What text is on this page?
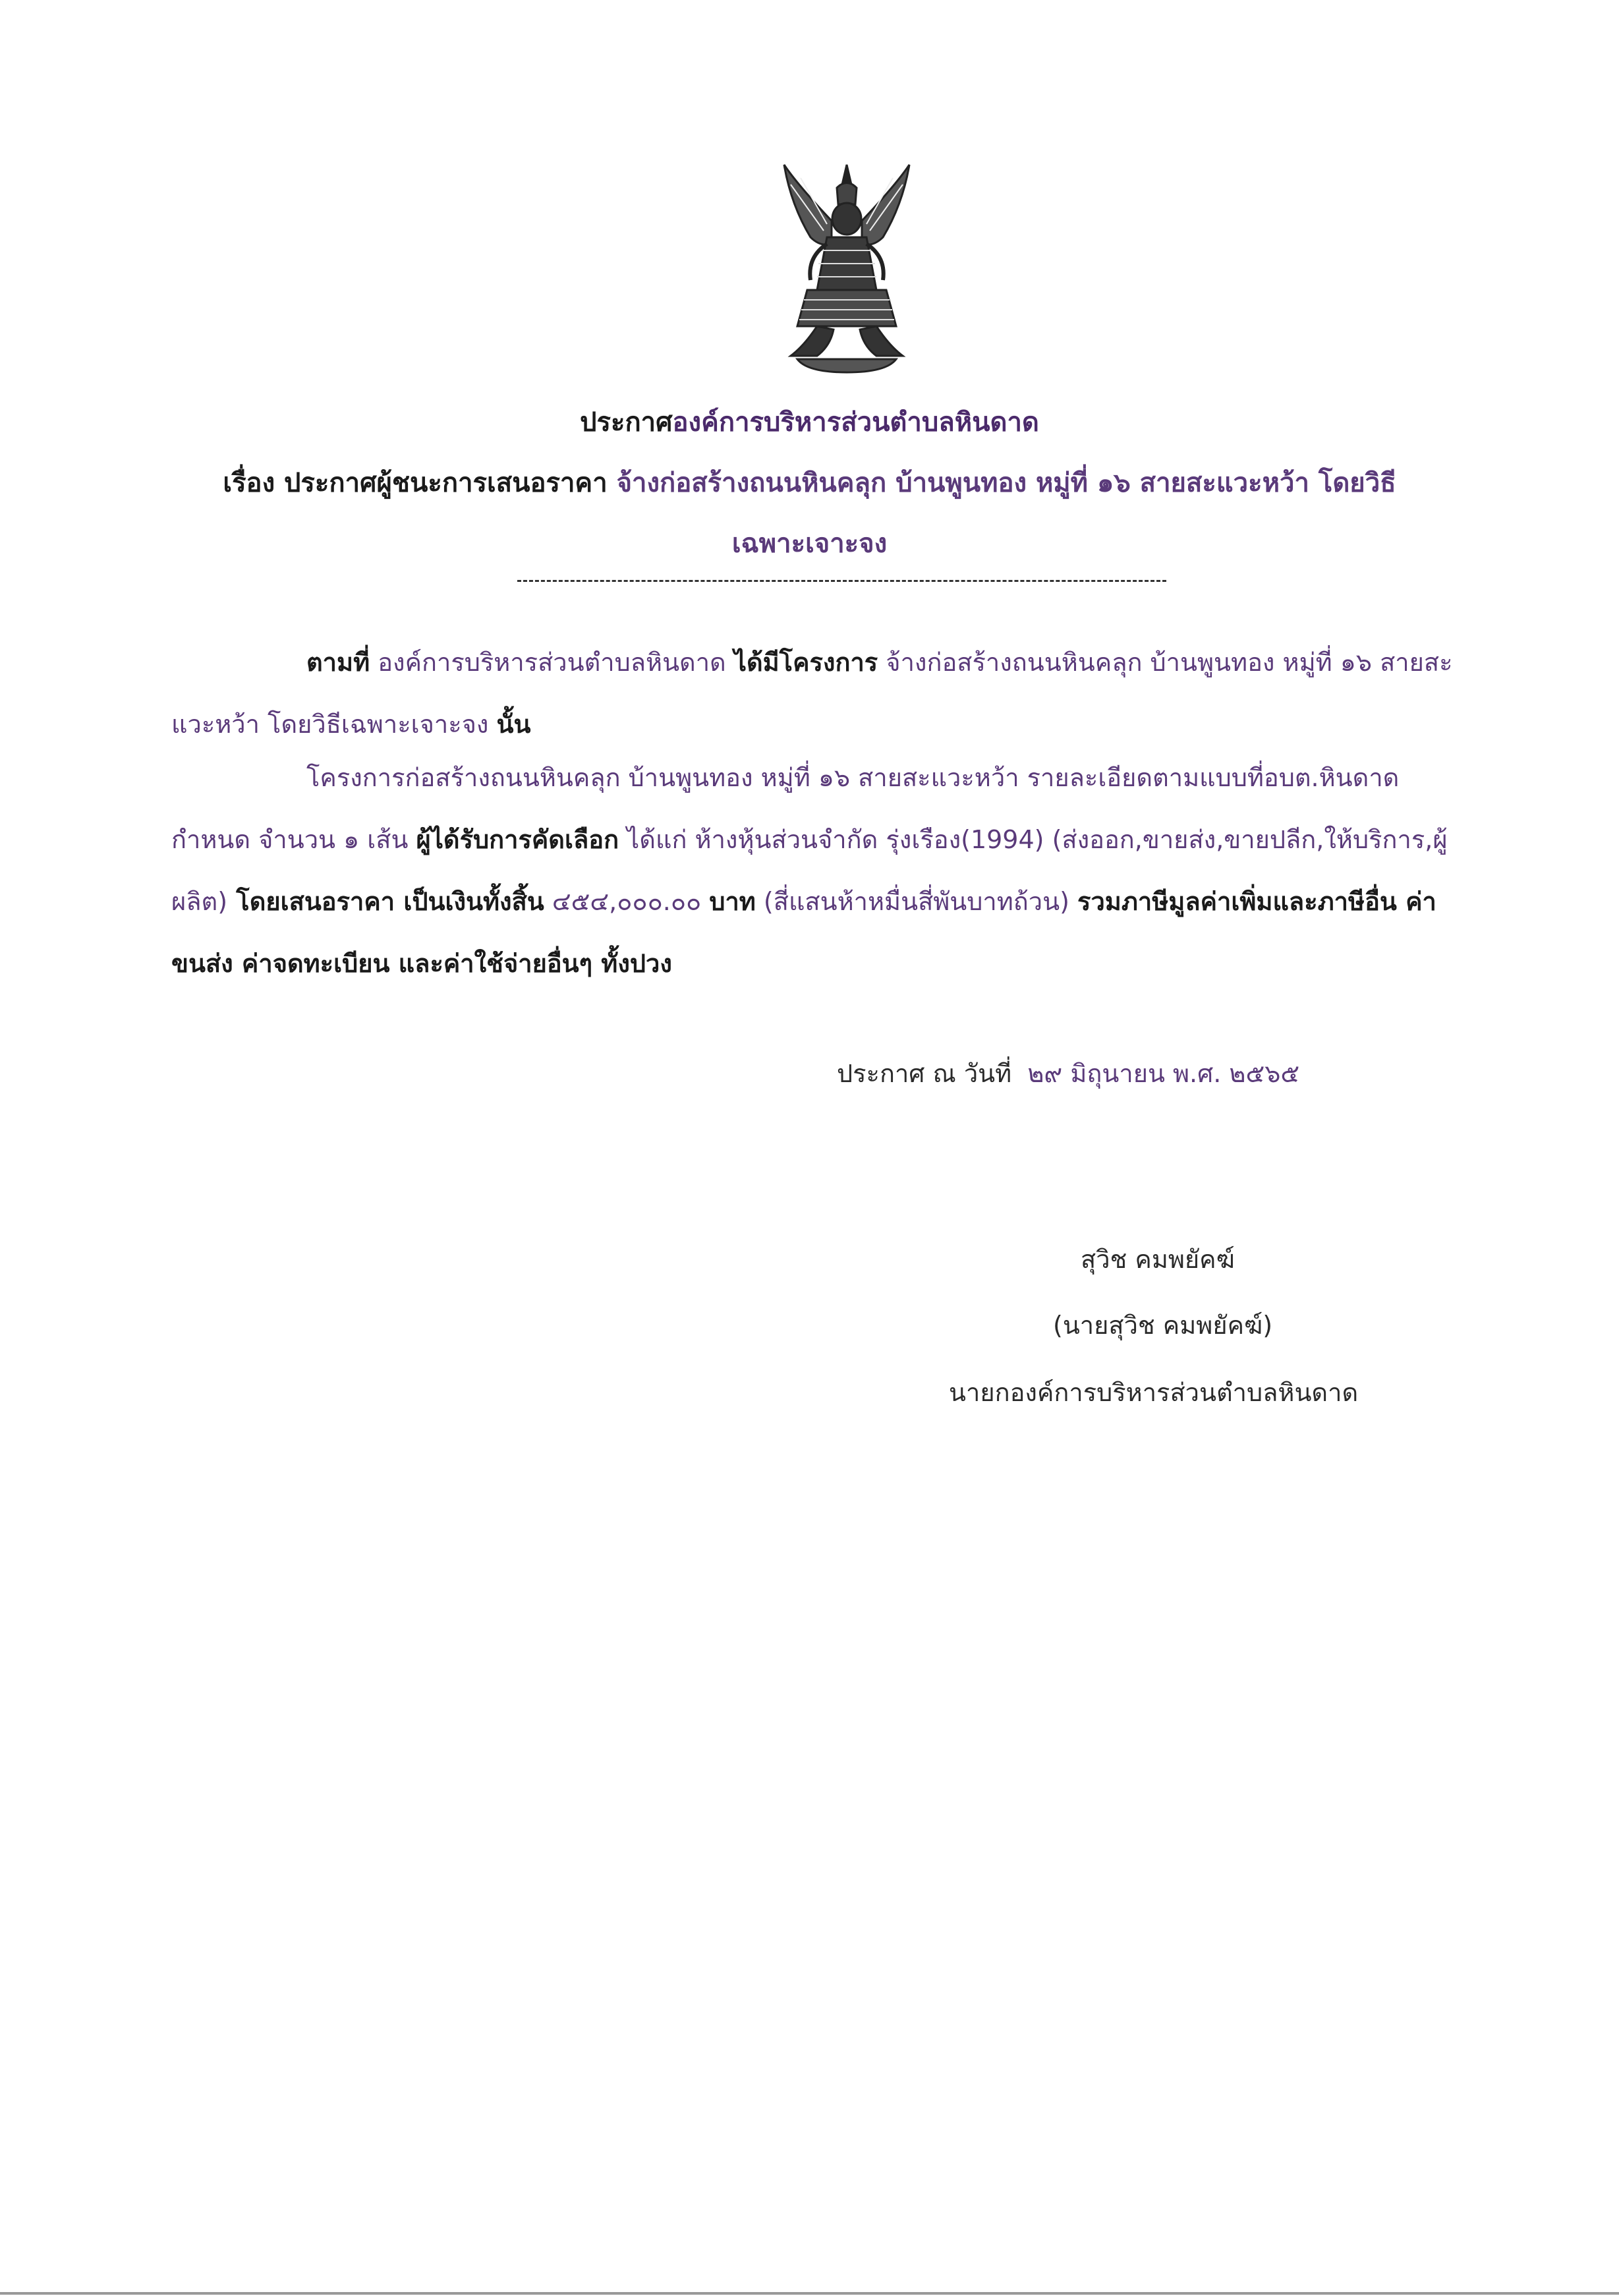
ประกาศองค์การบริหารส่วนตำบลหินดาด
เรื่อง ประกาศผู้ชนะการเสนอราคา จ้างก่อสร้างถนนหินคลุก บ้านพูนทอง หมู่ที่ ๑๖ สายสะแวะหว้า โดยวิธี
เฉพาะเจาะจง
ตามที่ องค์การบริหารส่วนตำบลหินดาด ได้มีโครงการ จ้างก่อสร้างถนนหินคลุก บ้านพูนทอง หมู่ที่ ๑๖ สายสะแวะหว้า โดยวิธีเฉพาะเจาะจง นั้น
โครงการก่อสร้างถนนหินคลุก บ้านพูนทอง หมู่ที่ ๑๖ สายสะแวะหว้า รายละเอียดตามแบบที่อบต.หินดาดกำหนด จำนวน ๑ เส้น ผู้ได้รับการคัดเลือก ได้แก่ ห้างหุ้นส่วนจำกัด รุ่งเรือง(1994) (ส่งออก,ขายส่ง,ขายปลีก,ให้บริการ,ผู้ผลิต) โดยเสนอราคา เป็นเงินทั้งสิ้น ๔๕๔,๐๐๐.๐๐ บาท (สี่แสนห้าหมื่นสี่พันบาทถ้วน) รวมภาษีมูลค่าเพิ่มและภาษีอื่น ค่าขนส่ง ค่าจดทะเบียน และค่าใช้จ่ายอื่นๆ ทั้งปวง
ประกาศ ณ วันที่ ๒๙ มิถุนายน พ.ศ. ๒๕๖๕
สุวิช คมพยัคฆ์
(นายสุวิช คมพยัคฆ์)
นายกองค์การบริหารส่วนตำบลหินดาด
